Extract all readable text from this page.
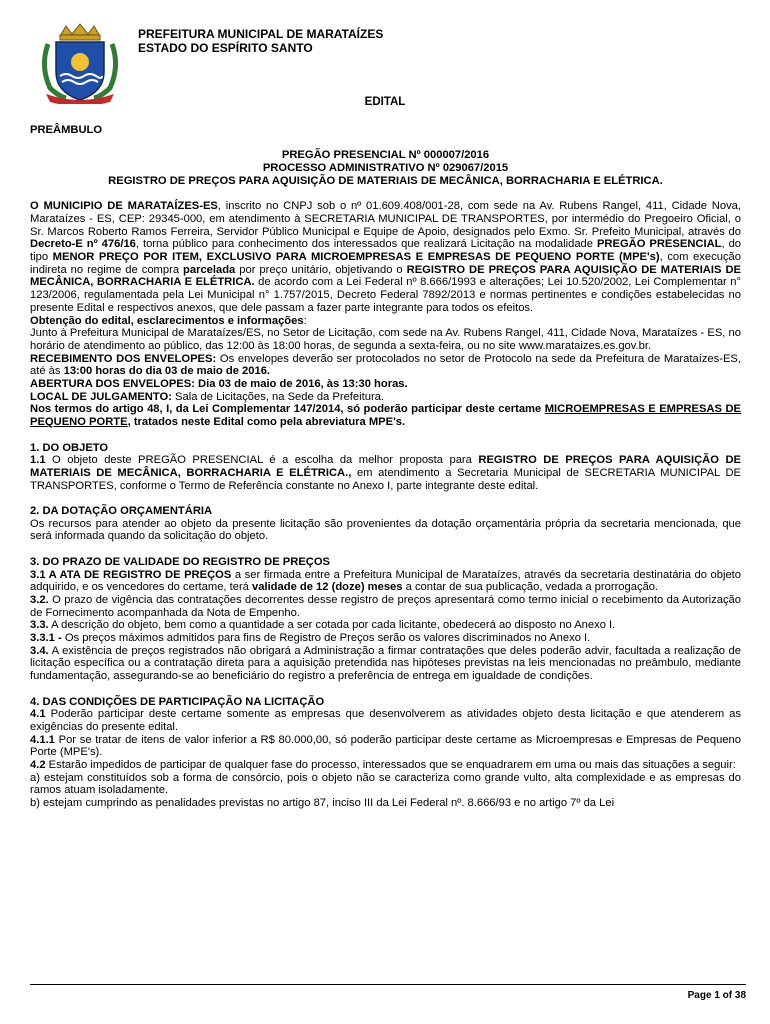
PREFEITURA MUNICIPAL DE MARATAÍZES
ESTADO DO ESPÍRITO SANTO
EDITAL

PREÂMBULO

PREGÃO PRESENCIAL Nº 000007/2016

PROCESSO ADMINISTRATIVO Nº 029067/2015

REGISTRO DE PREÇOS PARA AQUISIÇÃO DE MATERIAIS DE MECÂNICA, BORRACHARIA E ELÉTRICA.

O MUNICIPIO DE MARATAÍZES-ES, inscrito no CNPJ sob o nº 01.609.408/001-28, com sede na Av. Rubens Rangel, 411, Cidade Nova, Marataízes - ES, CEP: 29345-000, em atendimento à SECRETARIA MUNICIPAL DE TRANSPORTES, por intermédio do Pregoeiro Oficial, o Sr. Marcos Roberto Ramos Ferreira, Servidor Público Municipal e Equipe de Apoio, designados pelo Exmo. Sr. Prefeito Municipal, através do Decreto-E nº 476/16, torna público para conhecimento dos interessados que realizará Licitação na modalidade PREGÃO PRESENCIAL, do tipo MENOR PREÇO POR ITEM, EXCLUSIVO PARA MICROEMPRESAS E EMPRESAS DE PEQUENO PORTE (MPE's), com execução indireta no regime de compra parcelada por preço unitário, objetivando o REGISTRO DE PREÇOS PARA AQUISIÇÃO DE MATERIAIS DE MECÂNICA, BORRACHARIA E ELÉTRICA. de acordo com a Lei Federal nº 8.666/1993 e alterações; Lei 10.520/2002, Lei Complementar n° 123/2006, regulamentada pela Lei Municipal n° 1.757/2015, Decreto Federal 7892/2013 e normas pertinentes e condições estabelecidas no presente Edital e respectivos anexos, que dele passam a fazer parte integrante para todos os efeitos.

Obtenção do edital, esclarecimentos e informações:

Junto à Prefeitura Municipal de Marataízes/ES, no Setor de Licitação, com sede na Av. Rubens Rangel, 411, Cidade Nova, Marataízes - ES, no horário de atendimento ao público, das 12:00 às 18:00 horas, de segunda a sexta-feira, ou no site www.marataizes.es.gov.br.

RECEBIMENTO DOS ENVELOPES: Os envelopes deverão ser protocolados no setor de Protocolo na sede da Prefeitura de Marataízes-ES, até às 13:00 horas do dia 03 de maio de 2016.

ABERTURA DOS ENVELOPES: Dia 03 de maio de 2016, às 13:30 horas.

LOCAL DE JULGAMENTO: Sala de Licitações, na Sede da Prefeitura.

Nos termos do artigo 48, I, da Lei Complementar 147/2014, só poderão participar deste certame MICROEMPRESAS E EMPRESAS DE PEQUENO PORTE, tratados neste Edital como pela abreviatura MPE's.

1. DO OBJETO

1.1 O objeto deste PREGÃO PRESENCIAL é a escolha da melhor proposta para REGISTRO DE PREÇOS PARA AQUISIÇÃO DE MATERIAIS DE MECÂNICA, BORRACHARIA E ELÉTRICA., em atendimento a Secretaria Municipal de SECRETARIA MUNICIPAL DE TRANSPORTES, conforme o Termo de Referência constante no Anexo I, parte integrante deste edital.

2. DA DOTAÇÃO ORÇAMENTÁRIA

Os recursos para atender ao objeto da presente licitação são provenientes da dotação orçamentária própria da secretaria mencionada, que será informada quando da solicitação do objeto.

3. DO PRAZO DE VALIDADE DO REGISTRO DE PREÇOS

3.1 A ATA DE REGISTRO DE PREÇOS a ser firmada entre a Prefeitura Municipal de Marataízes, através da secretaria destinatária do objeto adquirido, e os vencedores do certame, terá validade de 12 (doze) meses a contar de sua publicação, vedada a prorrogação.

3.2. O prazo de vigência das contratações decorrentes desse registro de preços apresentará como termo inicial o recebimento da Autorização de Fornecimento acompanhada da Nota de Empenho.

3.3. A descrição do objeto, bem como a quantidade a ser cotada por cada licitante, obedecerá ao disposto no Anexo I.

3.3.1 - Os preços máximos admitidos para fins de Registro de Preços serão os valores discriminados no Anexo I.

3.4. A existência de preços registrados não obrigará a Administração a firmar contratações que deles poderão advir, facultada a realização de licitação específica ou a contratação direta para a aquisição pretendida nas hipóteses previstas na leis mencionadas no preâmbulo, mediante fundamentação, assegurando-se ao beneficiário do registro a preferência de entrega em igualdade de condições.

4. DAS CONDIÇÕES DE PARTICIPAÇÃO NA LICITAÇÃO

4.1 Poderão participar deste certame somente as empresas que desenvolverem as atividades objeto desta licitação e que atenderem as exigências do presente edital.

4.1.1 Por se tratar de itens de valor inferior a R$ 80.000,00, só poderão participar deste certame as Microempresas e Empresas de Pequeno Porte (MPE's).

4.2 Estarão impedidos de participar de qualquer fase do processo, interessados que se enquadrarem em uma ou mais das situações a seguir:

a) estejam constituídos sob a forma de consórcio, pois o objeto não se caracteriza como grande vulto, alta complexidade e as empresas do ramos atuam isoladamente.

b) estejam cumprindo as penalidades previstas no artigo 87, inciso III da Lei Federal nº. 8.666/93 e no artigo 7º da Lei

Page 1 of 38
